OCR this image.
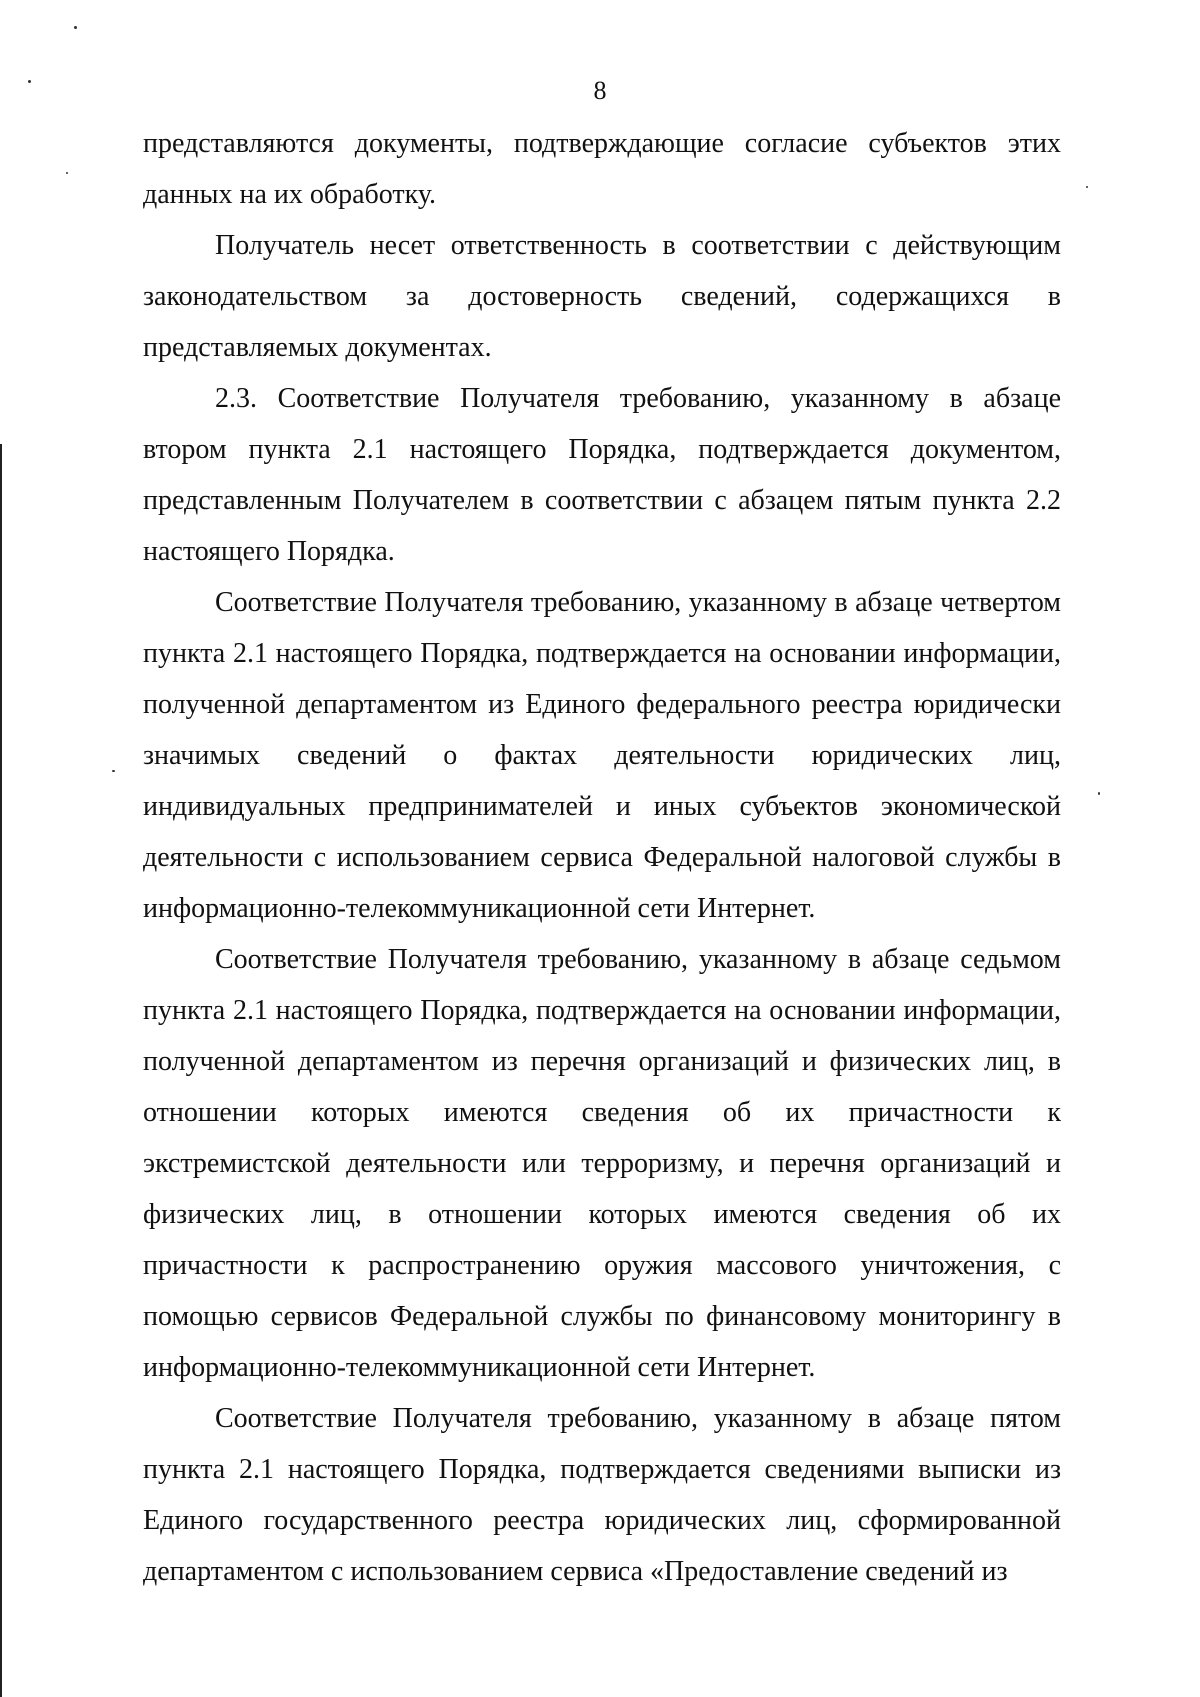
8

представляются документы, подтверждающие согласие субъектов этих данных на их обработку.

Получатель несет ответственность в соответствии с действующим законодательством за достоверность сведений, содержащихся в представляемых документах.

2.3. Соответствие Получателя требованию, указанному в абзаце втором пункта 2.1 настоящего Порядка, подтверждается документом, представленным Получателем в соответствии с абзацем пятым пункта 2.2 настоящего Порядка.

Соответствие Получателя требованию, указанному в абзаце четвертом пункта 2.1 настоящего Порядка, подтверждается на основании информации, полученной департаментом из Единого федерального реестра юридически значимых сведений о фактах деятельности юридических лиц, индивидуальных предпринимателей и иных субъектов экономической деятельности с использованием сервиса Федеральной налоговой службы в информационно-телекоммуникационной сети Интернет.

Соответствие Получателя требованию, указанному в абзаце седьмом пункта 2.1 настоящего Порядка, подтверждается на основании информации, полученной департаментом из перечня организаций и физических лиц, в отношении которых имеются сведения об их причастности к экстремистской деятельности или терроризму, и перечня организаций и физических лиц, в отношении которых имеются сведения об их причастности к распространению оружия массового уничтожения, с помощью сервисов Федеральной службы по финансовому мониторингу в информационно-телекоммуникационной сети Интернет.

Соответствие Получателя требованию, указанному в абзаце пятом пункта 2.1 настоящего Порядка, подтверждается сведениями выписки из Единого государственного реестра юридических лиц, сформированной департаментом с использованием сервиса «Предоставление сведений из
